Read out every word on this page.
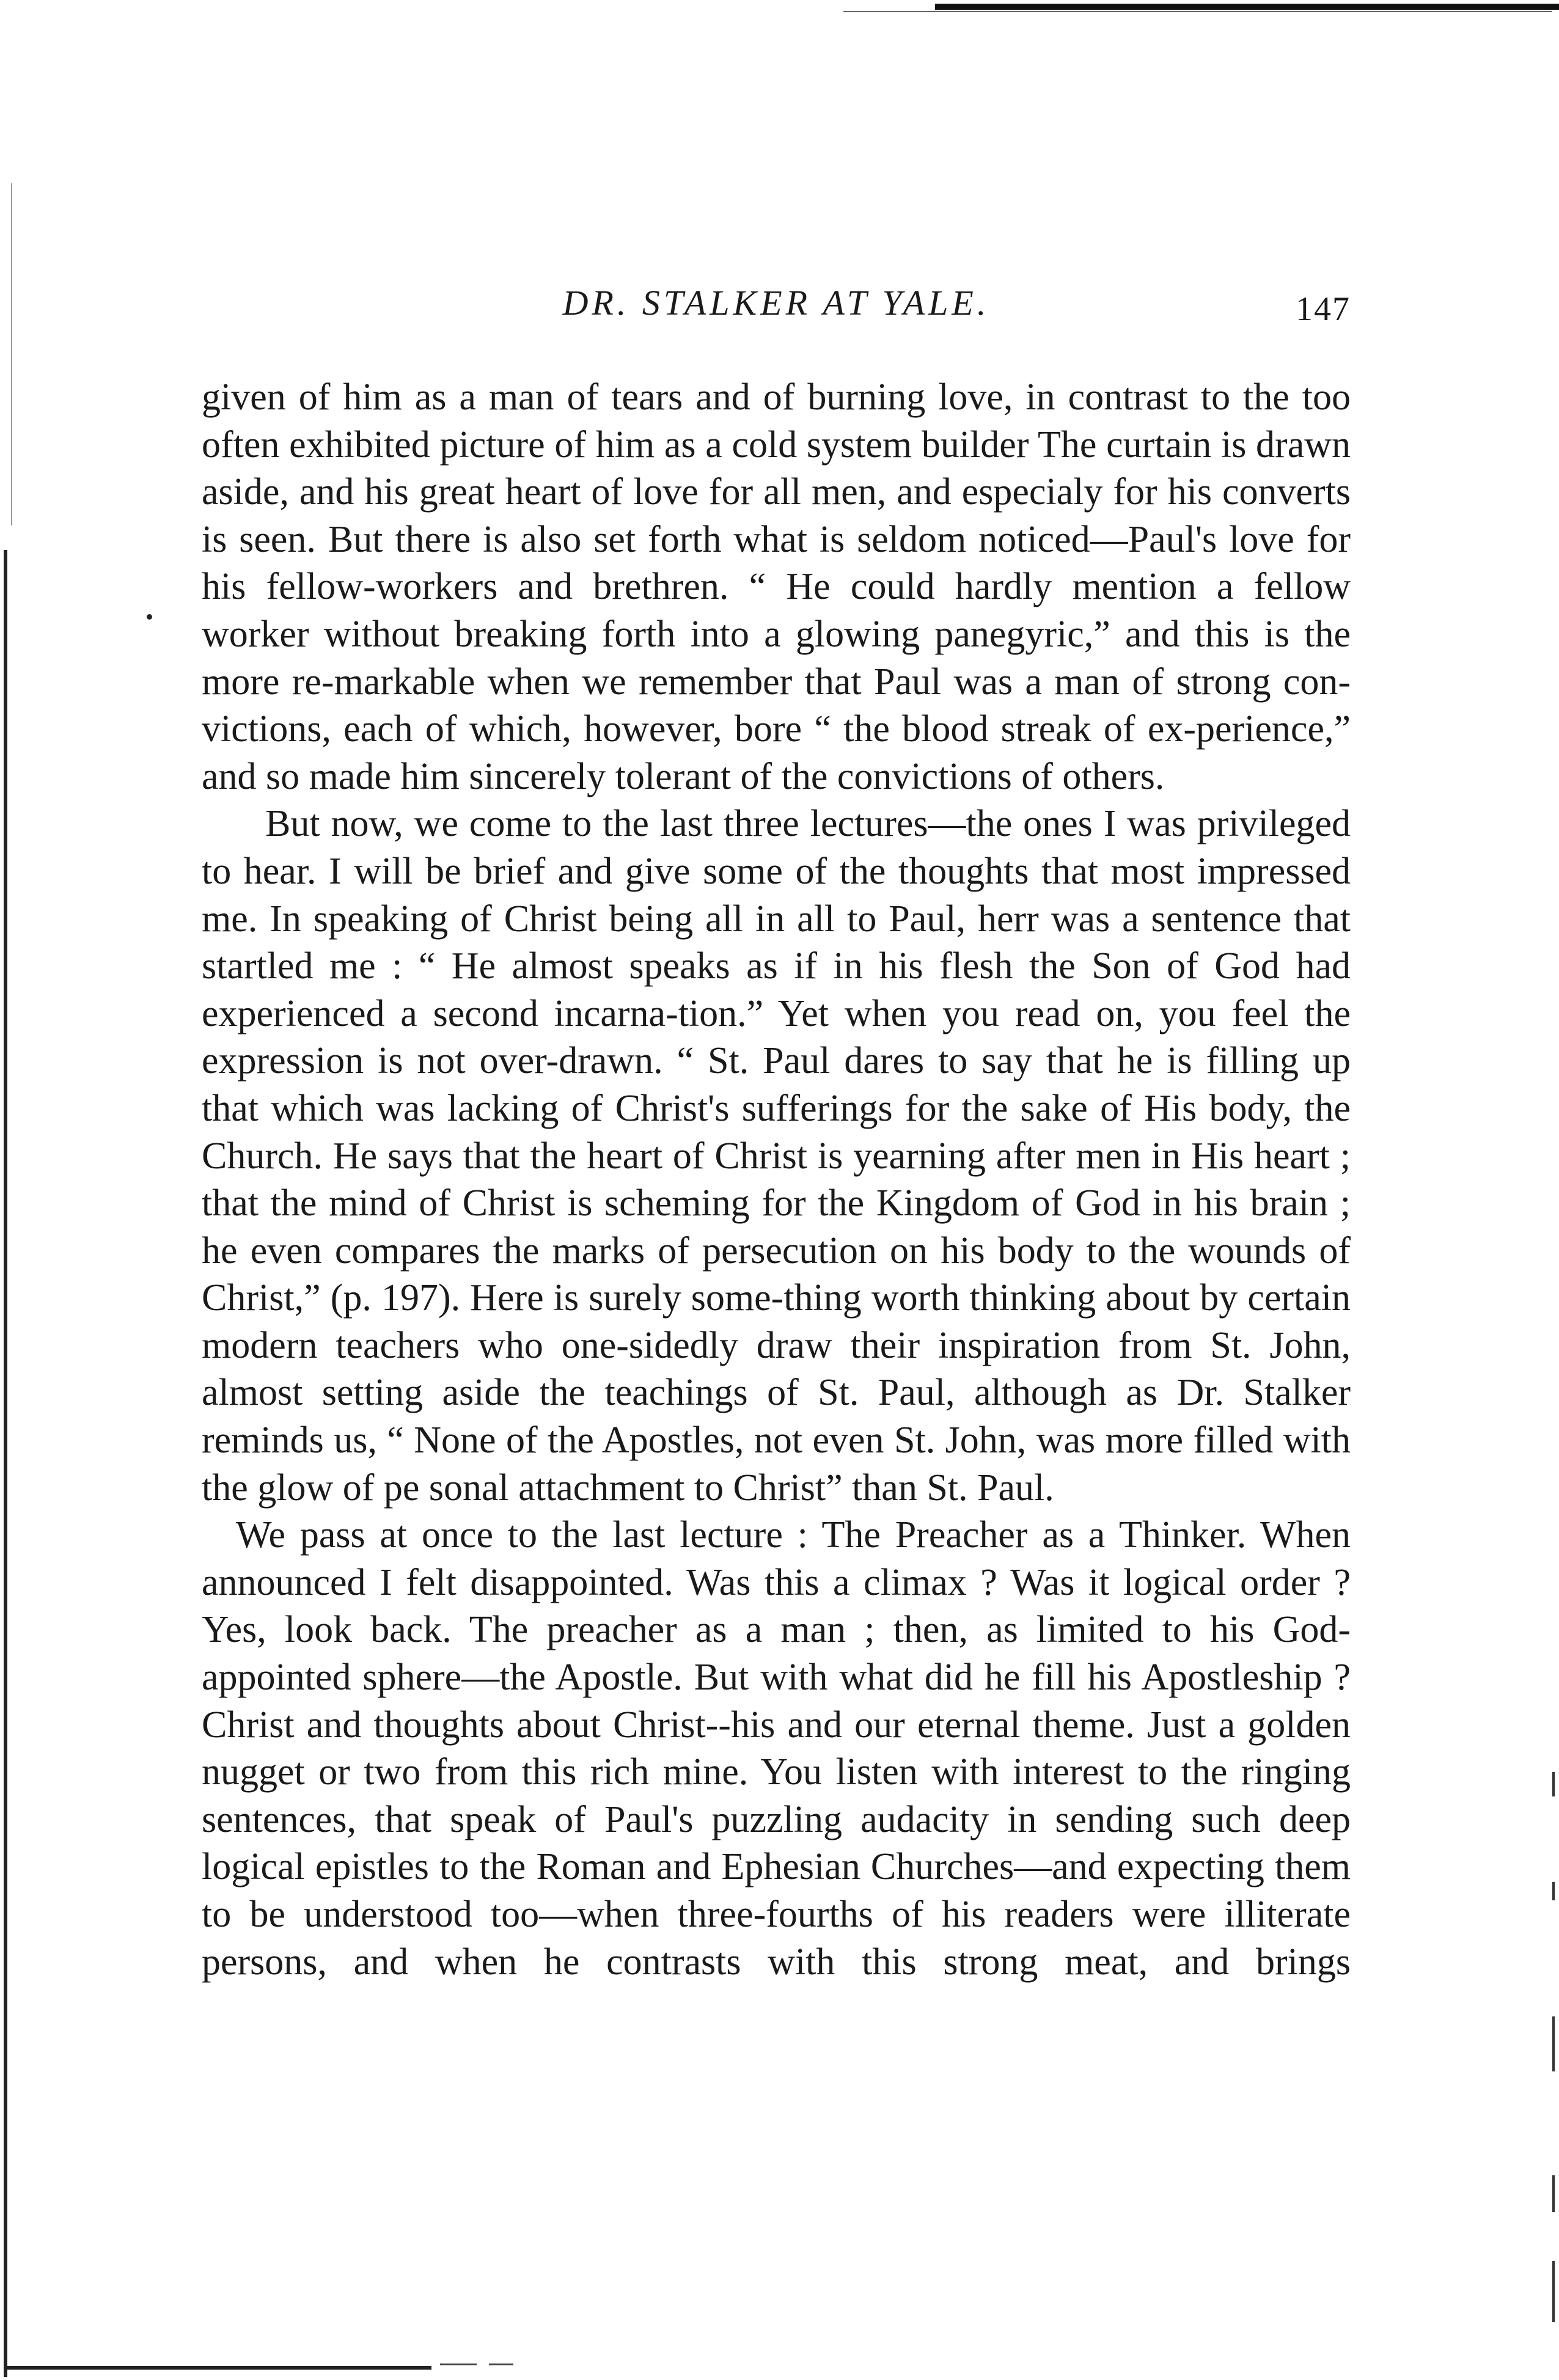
DR. STALKER AT YALE.	147

given of him as a man of tears and of burning love, in contrast to the too often exhibited picture of him as a cold system builder The curtain is drawn aside, and his great heart of love for all men, and especialy for his converts is seen. But there is also set forth what is seldom noticed—Paul's love for his fellow-workers and brethren. “ He could hardly mention a fellow worker without breaking forth into a glowing panegyric,” and this is the more re-markable when we remember that Paul was a man of strong con-victions, each of which, however, bore “ the blood streak of ex-perience,” and so made him sincerely tolerant of the convictions of others.

But now, we come to the last three lectures—the ones I was privileged to hear. I will be brief and give some of the thoughts that most impressed me. In speaking of Christ being all in all to Paul, herr was a sentence that startled me : “ He almost speaks as if in his flesh the Son of God had experienced a second incarna-tion.” Yet when you read on, you feel the expression is not over-drawn. “ St. Paul dares to say that he is filling up that which was lacking of Christ's sufferings for the sake of His body, the Church. He says that the heart of Christ is yearning after men in His heart ; that the mind of Christ is scheming for the Kingdom of God in his brain ; he even compares the marks of persecution on his body to the wounds of Christ,” (p. 197). Here is surely some-thing worth thinking about by certain modern teachers who one-sidedly draw their inspiration from St. John, almost setting aside the teachings of St. Paul, although as Dr. Stalker reminds us, “ None of the Apostles, not even St. John, was more filled with the glow of pe sonal attachment to Christ” than St. Paul.

We pass at once to the last lecture : The Preacher as a Thinker. When announced I felt disappointed. Was this a climax ? Was it logical order ? Yes, look back. The preacher as a man ; then, as limited to his God-appointed sphere—the Apostle. But with what did he fill his Apostleship ? Christ and thoughts about Christ--his and our eternal theme. Just a golden nugget or two from this rich mine. You listen with interest to the ringing sentences, that speak of Paul's puzzling audacity in sending such deep logical epistles to the Roman and Ephesian Churches—and expecting them to be understood too—when three-fourths of his readers were illiterate persons, and when he contrasts with this strong meat, and brings
